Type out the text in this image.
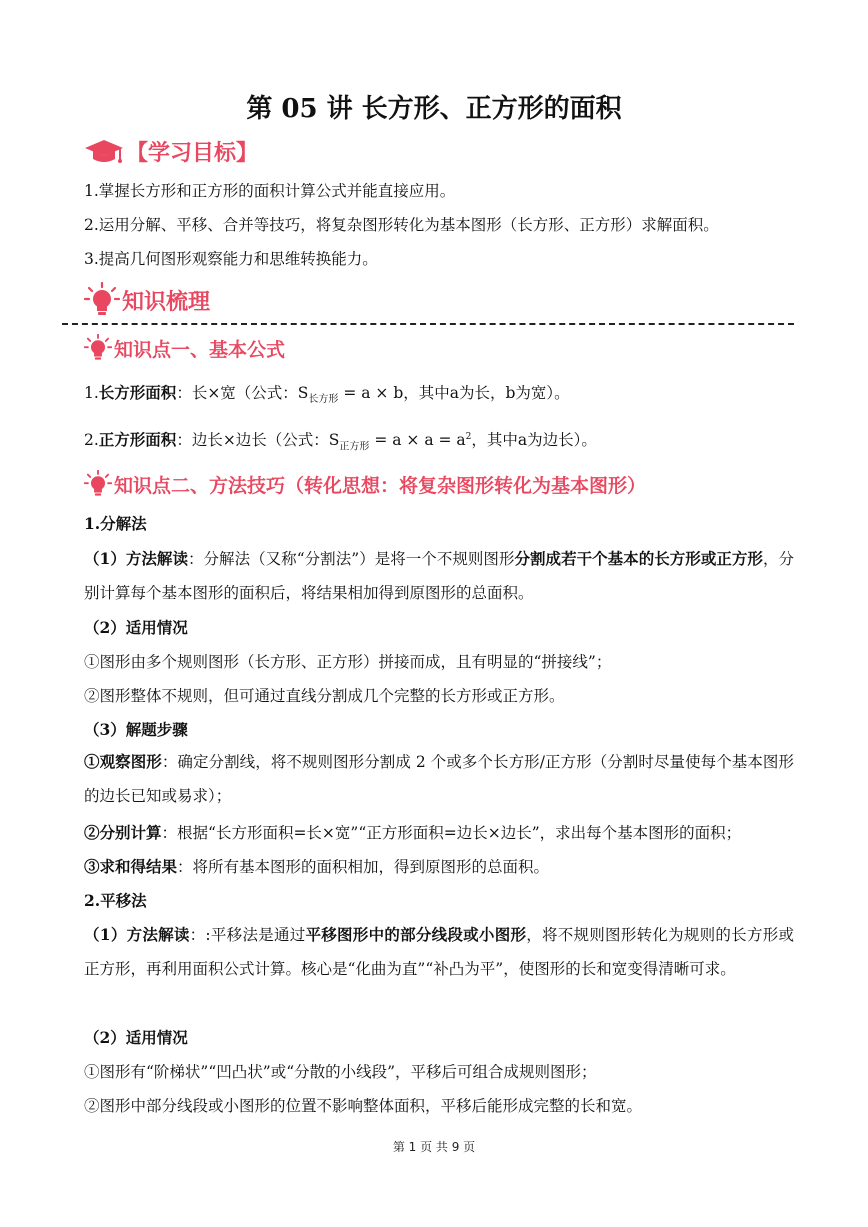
第 05 讲 长方形、正方形的面积
【学习目标】
1.掌握长方形和正方形的面积计算公式并能直接应用。
2.运用分解、平移、合并等技巧，将复杂图形转化为基本图形（长方形、正方形）求解面积。
3.提高几何图形观察能力和思维转换能力。
知识梳理
知识点一、基本公式
1.长方形面积：长×宽（公式：$S_{长方形} = a \times b$，其中a为长，b为宽）。
2.正方形面积：边长×边长（公式：$S_{正方形} = a \times a = a^2$，其中a为边长）。
知识点二、方法技巧（转化思想：将复杂图形转化为基本图形）
1.分解法
（1）方法解读：分解法（又称“分割法”）是将一个不规则图形分割成若干个基本的长方形或正方形，分别计算每个基本图形的面积后，将结果相加得到原图形的总面积。
（2）适用情况
①图形由多个规则图形（长方形、正方形）拼接而成，且有明显的“拼接线”；
②图形整体不规则，但可通过直线分割成几个完整的长方形或正方形。
（3）解题步骤
①观察图形：确定分割线，将不规则图形分割成 2 个或多个长方形/正方形（分割时尽量使每个基本图形的边长已知或易求）；
②分别计算：根据“长方形面积=长×宽”“正方形面积=边长×边长”，求出每个基本图形的面积；
③求和得结果：将所有基本图形的面积相加，得到原图形的总面积。
2.平移法
（1）方法解读：:平移法是通过平移图形中的部分线段或小图形，将不规则图形转化为规则的长方形或正方形，再利用面积公式计算。核心是“化曲为直”“补凸为平”，使图形的长和宽变得清晰可求。
（2）适用情况
①图形有“阶梯状”“凹凸状”或“分散的小线段”，平移后可组合成规则图形；
②图形中部分线段或小图形的位置不影响整体面积，平移后能形成完整的长和宽。
第 1 页 共 9 页
